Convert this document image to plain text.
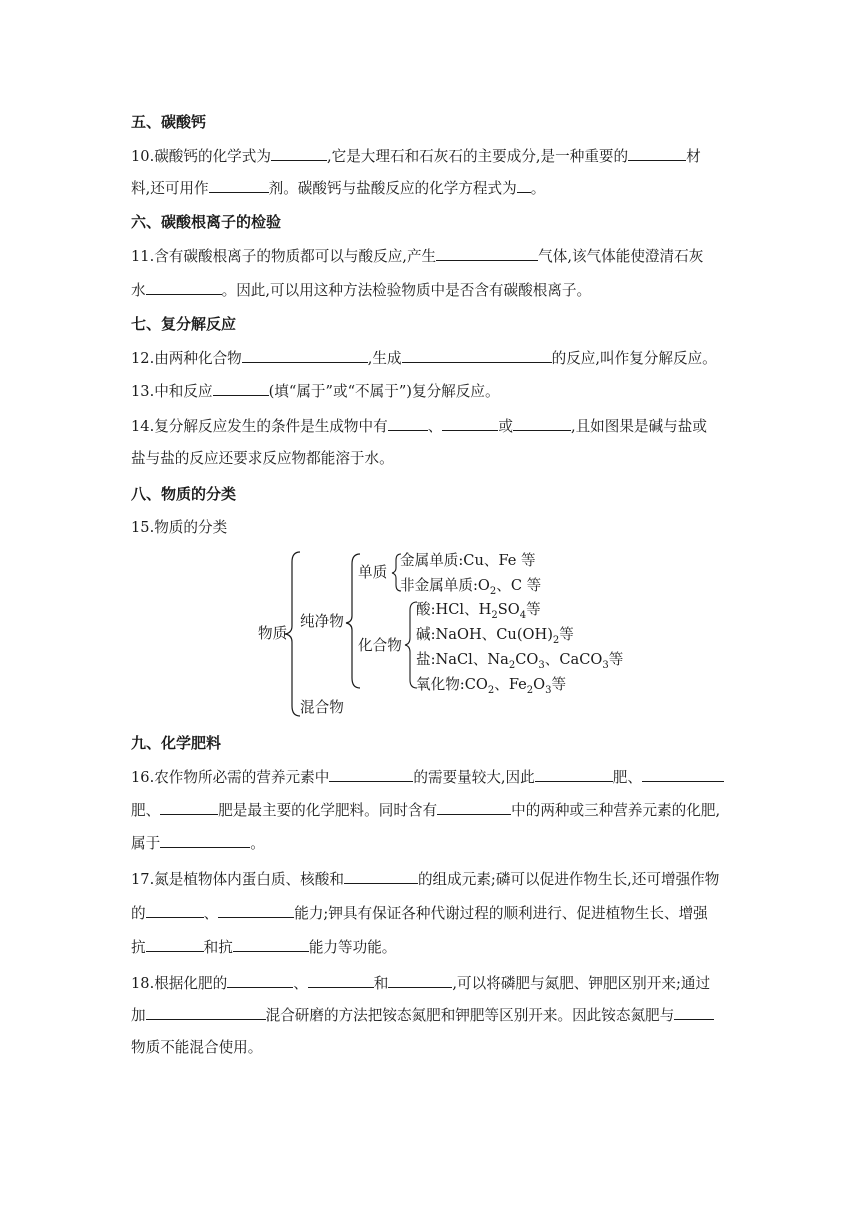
五、碳酸钙
10.碳酸钙的化学式为	,它是大理石和石灰石的主要成分,是一种重要的	材
料,还可用作	剂。碳酸钙与盐酸反应的化学方程式为 。
六、碳酸根离子的检验
11.含有碳酸根离子的物质都可以与酸反应,产生	气体,该气体能使澄清石灰
水	。因此,可以用这种方法检验物质中是否含有碳酸根离子。
七、复分解反应
12.由两种化合物	,生成	的反应,叫作复分解反应。
13.中和反应	(填“属于”或“不属于”)复分解反应。
14.复分解反应发生的条件是生成物中有	、	或	,且如图果是碱与盐或
盐与盐的反应还要求反应物都能溶于水。
八、物质的分类
15.物质的分类
物质
纯净物
混合物
单质
化合物
金属单质:Cu、Fe 等
非金属单质$:O_2$、C 等
酸:HCl、$H_2SO_4$等
碱:NaOH、$Cu(OH)_2$等
盐:NaCl、$Na_2CO_3$、CaCO$_3$等
氧化物$:CO_2$、$Fe_2O_3$等
九、化学肥料
16.农作物所必需的营养元素中	的需要量较大,因此	肥、
肥、	肥是最主要的化学肥料。同时含有	中的两种或三种营养元素的化肥,
属于	。
17.氮是植物体内蛋白质、核酸和	的组成元素;磷可以促进作物生长,还可增强作物
的	、	能力;钾具有保证各种代谢过程的顺利进行、促进植物生长、增强
抗	和抗	能力等功能。
18.根据化肥的	、	和	,可以将磷肥与氮肥、钾肥区别开来;通过
加	混合研磨的方法把铵态氮肥和钾肥等区别开来。因此铵态氮肥与
物质不能混合使用。
